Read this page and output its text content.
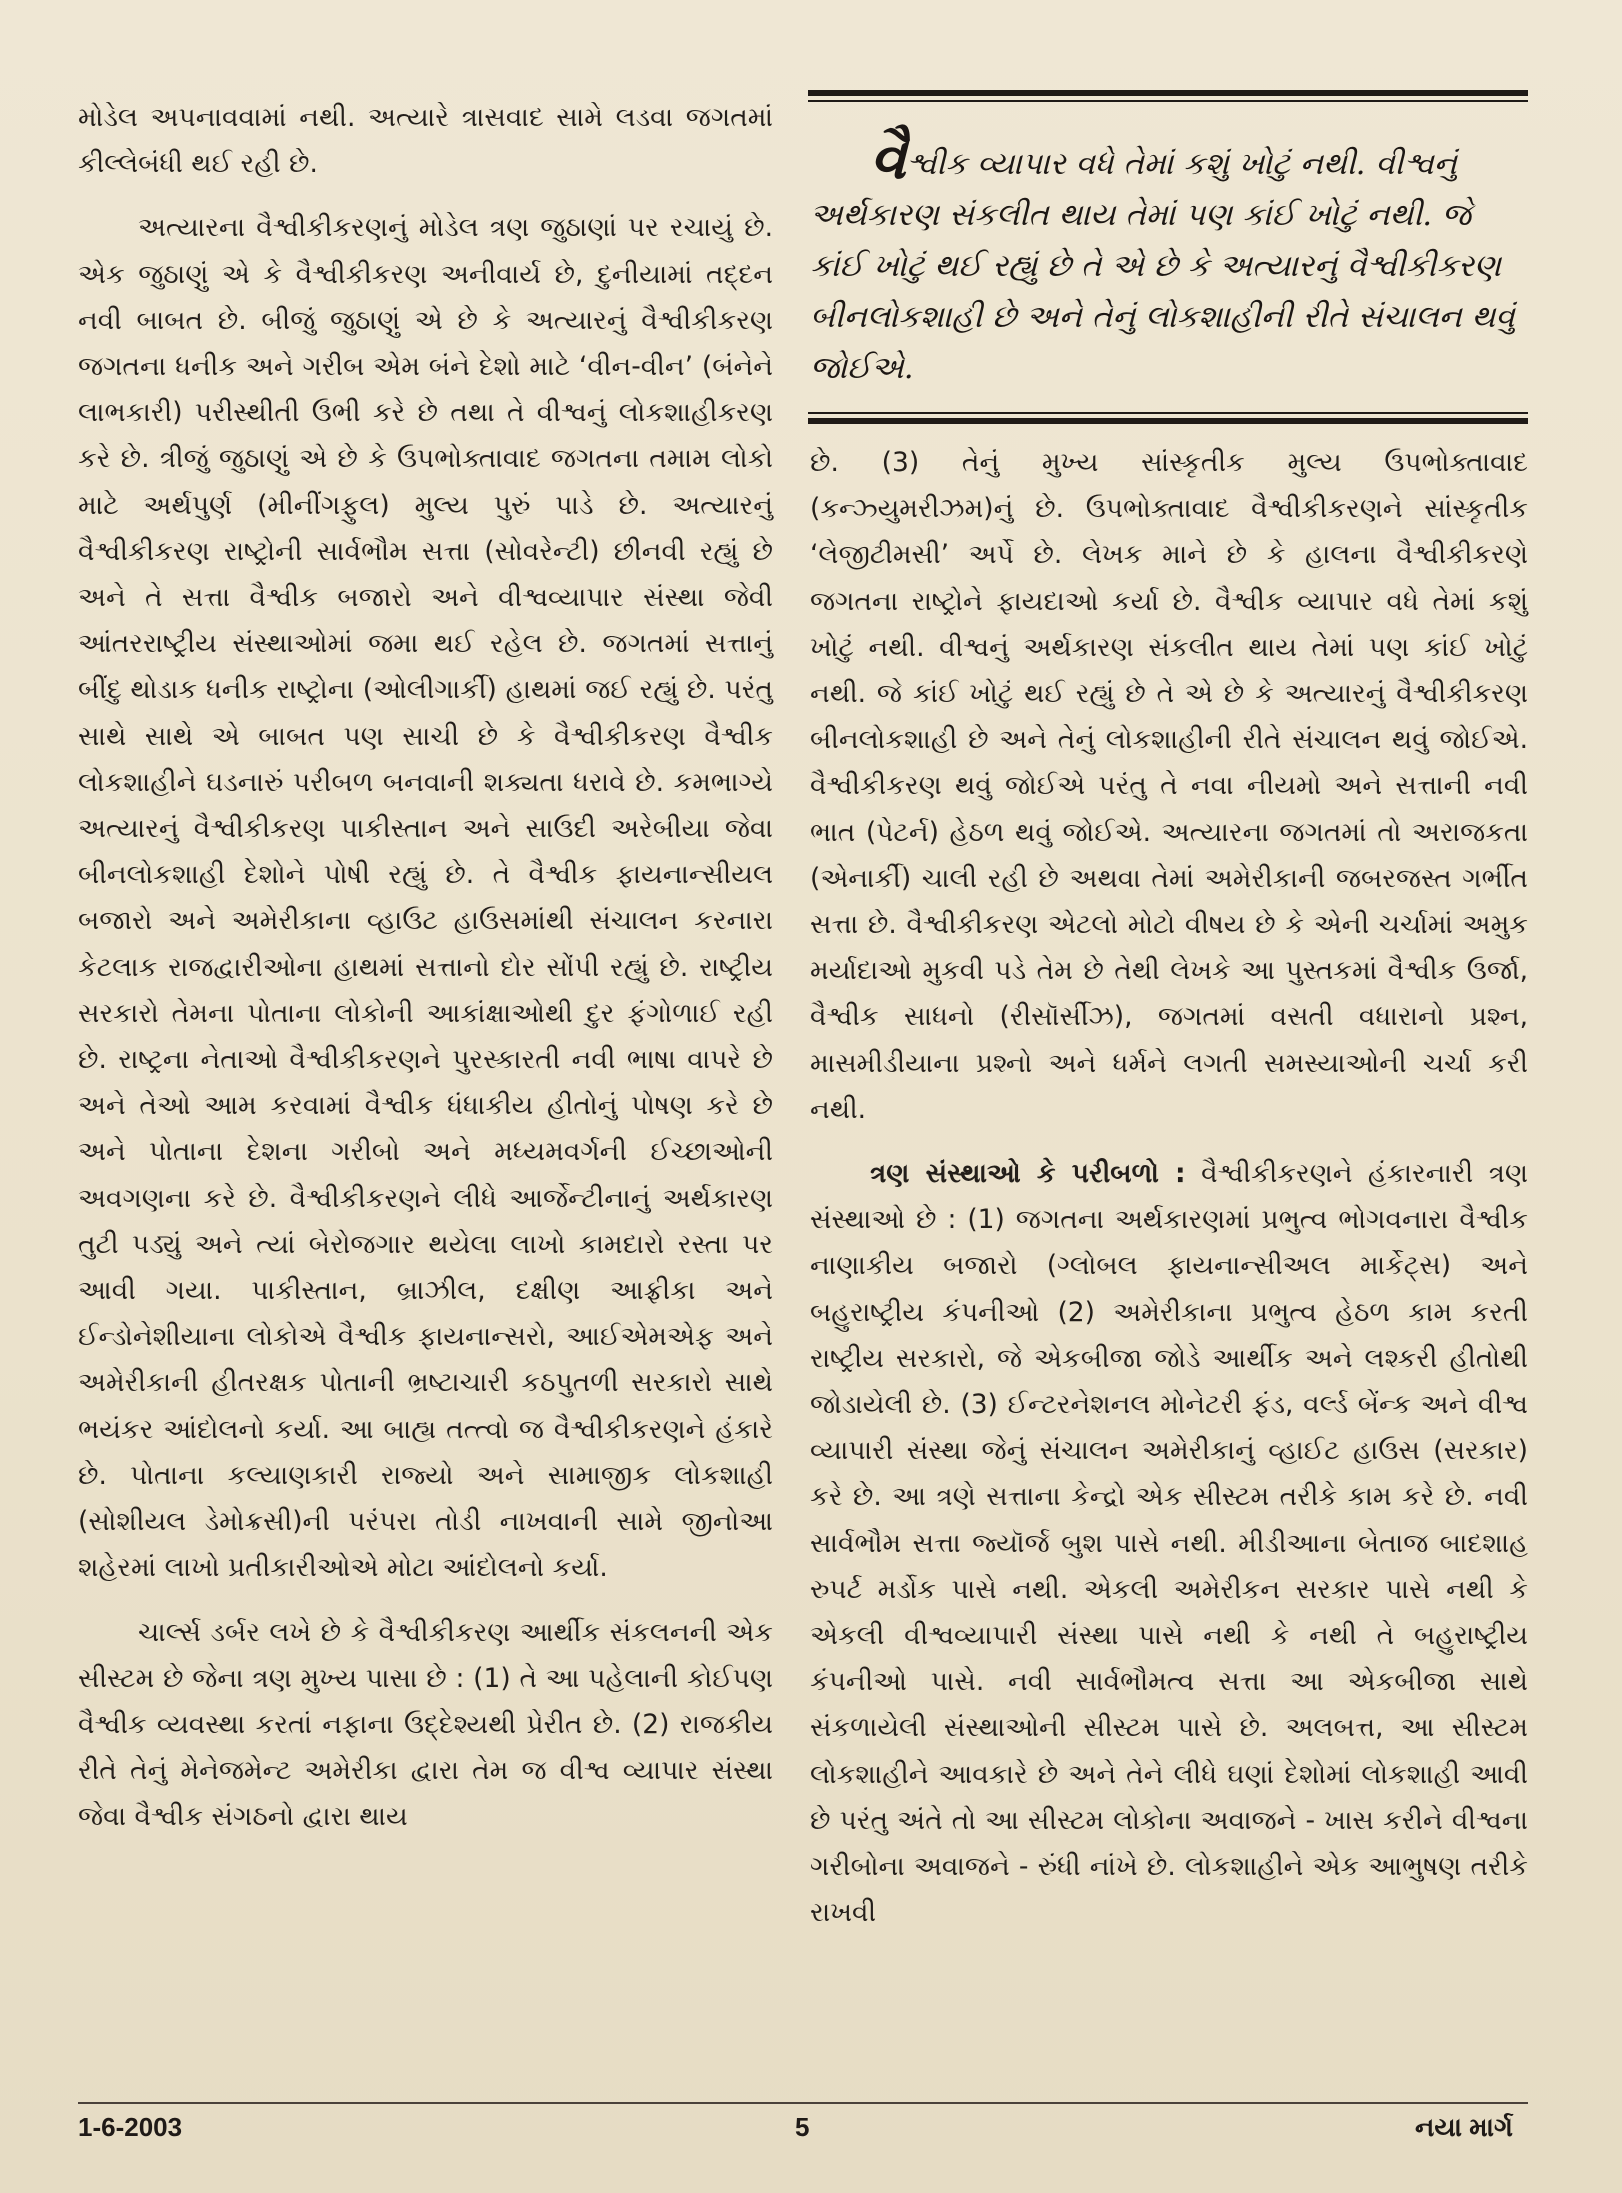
મોડેલ અપનાવવામાં નથી. અત્યારે ત્રાસવાદ સામે લડવા જગતમાં કીલ્લેબંધી થઈ રહી છે.

અત્યારના વૈશ્વીકીકરણનું મોડેલ ત્રણ જુઠાણાં પર રચાયું છે. એક જુઠાણું એ કે વૈશ્વીકીકરણ અનીવાર્ય છે, દુનીયામાં તદ્દન નવી બાબત છે. બીજું જુઠાણું એ છે કે અત્યારનું વૈશ્વીકીકરણ જગતના ધનીક અને ગરીબ એમ બંને દેશો માટે ‘વીન-વીન’ (બંનેને લાભકારી) પરીસ્થીતી ઉભી કરે છે તથા તે વીશ્વનું લોકશાહીકરણ કરે છે. ત્રીજું જુઠાણું એ છે કે ઉપભોક્તાવાદ જગતના તમામ લોકો માટે અર્થપુર્ણ (મીનીંગફુલ) મુલ્ય પુરું પાડે છે. અત્યારનું વૈશ્વીકીકરણ રાષ્ટ્રોની સાર્વભૌમ સત્તા (સોવરેન્ટી) છીનવી રહ્યું છે અને તે સત્તા વૈશ્વીક બજારો અને વીશ્વવ્યાપાર સંસ્થા જેવી આંતરરાષ્ટ્રીય સંસ્થાઓમાં જમા થઈ રહેલ છે. જગતમાં સત્તાનું બીંદુ થોડાક ધનીક રાષ્ટ્રોના (ઓલીગાર્કી) હાથમાં જઈ રહ્યું છે. પરંતુ સાથે સાથે એ બાબત પણ સાચી છે કે વૈશ્વીકીકરણ વૈશ્વીક લોકશાહીને ઘડનારું પરીબળ બનવાની શક્યતા ધરાવે છે. કમભાગ્યે અત્યારનું વૈશ્વીકીકરણ પાકીસ્તાન અને સાઉદી અરેબીયા જેવા બીનલોકશાહી દેશોને પોષી રહ્યું છે. તે વૈશ્વીક ફાયનાન્સીયલ બજારો અને અમેરીકાના વ્હાઉટ હાઉસમાંથી સંચાલન કરનારા કેટલાક રાજદ્વારીઓના હાથમાં સત્તાનો દોર સોંપી રહ્યું છે. રાષ્ટ્રીય સરકારો તેમના પોતાના લોકોની આકાંક્ષાઓથી દુર ફંગોળાઈ રહી છે. રાષ્ટ્રના નેતાઓ વૈશ્વીકીકરણને પુરસ્કારતી નવી ભાષા વાપરે છે અને તેઓ આમ કરવામાં વૈશ્વીક ધંધાકીય હીતોનું પોષણ કરે છે અને પોતાના દેશના ગરીબો અને મધ્યમવર્ગની ઈચ્છાઓની અવગણના કરે છે. વૈશ્વીકીકરણને લીધે આર્જેન્ટીનાનું અર્થકારણ તુટી પડ્યું અને ત્યાં બેરોજગાર થયેલા લાખો કામદારો રસ્તા પર આવી ગયા. પાકીસ્તાન, બ્રાઝીલ, દક્ષીણ આફ્રીકા અને ઈન્ડોનેશીયાના લોકોએ વૈશ્વીક ફાયનાન્સરો, આઈએમએફ અને અમેરીકાની હીતરક્ષક પોતાની ભ્રષ્ટાચારી કઠપુતળી સરકારો સાથે ભયંકર આંદોલનો કર્યા. આ બાહ્ય તત્ત્વો જ વૈશ્વીકીકરણને હંકારે છે. પોતાના કલ્યાણકારી રાજ્યો અને સામાજીક લોકશાહી (સોશીયલ ડેમોક્રસી)ની પરંપરા તોડી નાખવાની સામે જીનોઆ શહેરમાં લાખો પ્રતીકારીઓએ મોટા આંદોલનો કર્યા.

ચાર્લ્સ ડર્બર લખે છે કે વૈશ્વીકીકરણ આર્થીક સંકલનની એક સીસ્ટમ છે જેના ત્રણ મુખ્ય પાસા છે : (1) તે આ પહેલાની કોઈપણ વૈશ્વીક વ્યવસ્થા કરતાં નફાના ઉદ્દેશ્યથી પ્રેરીત છે. (2) રાજકીય રીતે તેનું મેનેજમેન્ટ અમેરીકા દ્વારા તેમ જ વીશ્વ વ્યાપાર સંસ્થા જેવા વૈશ્વીક સંગઠનો દ્વારા થાય

વૈશ્વીક વ્યાપાર વધે તેમાં કશું ખોટું નથી. વીશ્વનું અર્થકારણ સંકલીત થાય તેમાં પણ કાંઈ ખોટું નથી. જે કાંઈ ખોટું થઈ રહ્યું છે તે એ છે કે અત્યારનું વૈશ્વીકીકરણ બીનલોકશાહી છે અને તેનું લોકશાહીની રીતે સંચાલન થવું જોઈએ.

છે. (3) તેનું મુખ્ય સાંસ્કૃતીક મુલ્ય ઉપભોક્તાવાદ (કન્ઝ્યુમરીઝમ)નું છે. ઉપભોક્તાવાદ વૈશ્વીકીકરણને સાંસ્કૃતીક ‘લેજીટીમસી’ અર્પે છે. લેખક માને છે કે હાલના વૈશ્વીકીકરણે જગતના રાષ્ટ્રોને ફાયદાઓ કર્યા છે. વૈશ્વીક વ્યાપાર વધે તેમાં કશું ખોટું નથી. વીશ્વનું અર્થકારણ સંકલીત થાય તેમાં પણ કાંઈ ખોટું નથી. જે કાંઈ ખોટું થઈ રહ્યું છે તે એ છે કે અત્યારનું વૈશ્વીકીકરણ બીનલોકશાહી છે અને તેનું લોકશાહીની રીતે સંચાલન થવું જોઈએ. વૈશ્વીકીકરણ થવું જોઈએ પરંતુ તે નવા નીયમો અને સત્તાની નવી ભાત (પેટર્ન) હેઠળ થવું જોઈએ. અત્યારના જગતમાં તો અરાજકતા (એનાર્કી) ચાલી રહી છે અથવા તેમાં અમેરીકાની જબરજસ્ત ગર્ભીત સત્તા છે. વૈશ્વીકીકરણ એટલો મોટો વીષય છે કે એની ચર્ચામાં અમુક મર્યાદાઓ મુકવી પડે તેમ છે તેથી લેખકે આ પુસ્તકમાં વૈશ્વીક ઉર્જા, વૈશ્વીક સાધનો (રીસૉર્સીઝ), જગતમાં વસતી વધારાનો પ્રશ્ન, માસમીડીયાના પ્રશ્નો અને ધર્મને લગતી સમસ્યાઓની ચર્ચા કરી નથી.

ત્રણ સંસ્થાઓ કે પરીબળો : વૈશ્વીકીકરણને હંકારનારી ત્રણ સંસ્થાઓ છે : (1) જગતના અર્થકારણમાં પ્રભુત્વ ભોગવનારા વૈશ્વીક નાણાકીય બજારો (ગ્લોબલ ફાયનાન્સીઅલ માર્કેટ્સ) અને બહુરાષ્ટ્રીય કંપનીઓ (2) અમેરીકાના પ્રભુત્વ હેઠળ કામ કરતી રાષ્ટ્રીય સરકારો, જે એકબીજા જોડે આર્થીક અને લશ્કરી હીતોથી જોડાયેલી છે. (3) ઈન્ટરનેશનલ મોનેટરી ફંડ, વર્લ્ડ બેંન્ક અને વીશ્વ વ્યાપારી સંસ્થા જેનું સંચાલન અમેરીકાનું વ્હાઈટ હાઉસ (સરકાર) કરે છે. આ ત્રણે સત્તાના કેન્દ્રો એક સીસ્ટમ તરીકે કામ કરે છે. નવી સાર્વભૌમ સત્તા જ્યૉર્જ બુશ પાસે નથી. મીડીઆના બેતાજ બાદશાહ રુપર્ટ મર્ડોક પાસે નથી. એકલી અમેરીકન સરકાર પાસે નથી કે એકલી વીશ્વવ્યાપારી સંસ્થા પાસે નથી કે નથી તે બહુરાષ્ટ્રીય કંપનીઓ પાસે. નવી સાર્વભૌમત્વ સત્તા આ એકબીજા સાથે સંકળાયેલી સંસ્થાઓની સીસ્ટમ પાસે છે. અલબત્ત, આ સીસ્ટમ લોકશાહીને આવકારે છે અને તેને લીધે ઘણાં દેશોમાં લોકશાહી આવી છે પરંતુ અંતે તો આ સીસ્ટમ લોકોના અવાજને - ખાસ કરીને વીશ્વના ગરીબોના અવાજને - રુંધી નાંખે છે. લોકશાહીને એક આભુષણ તરીકે રાખવી

1-6-2003	5	નયા માર્ગ
